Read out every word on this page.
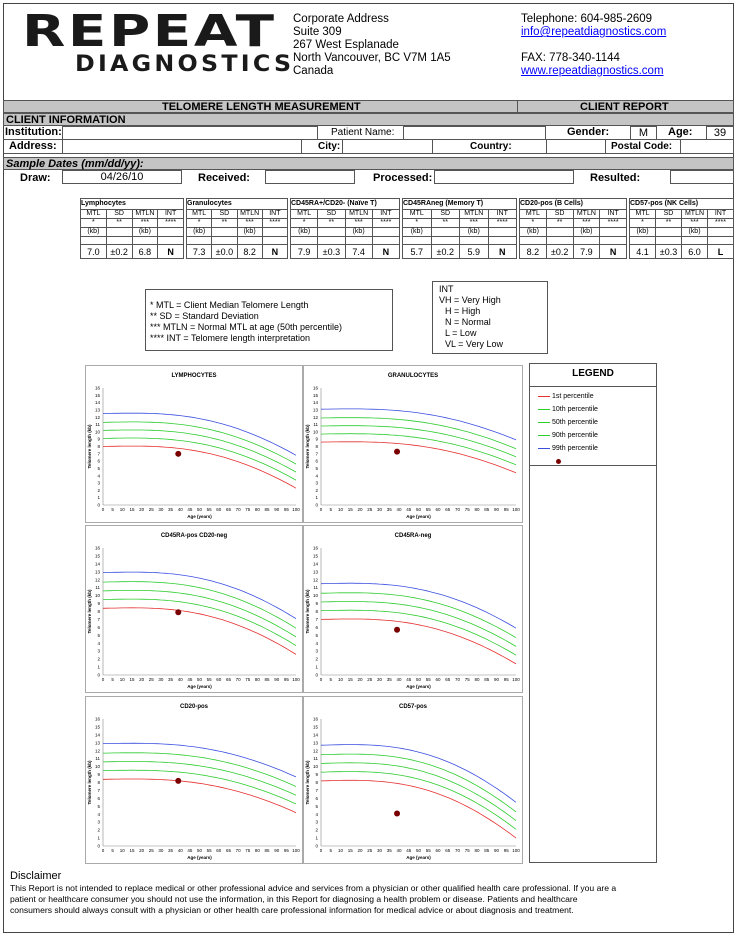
REPEAT
DIAGNOSTICS
Corporate Address
Suite 309
267 West Esplanade
North Vancouver, BC V7M 1A5
Canada
Telephone: 604-985-2609
info@repeatdiagnostics.com
FAX: 778-340-1144
www.repeatdiagnostics.com
TELOMERE LENGTH MEASUREMENT	CLIENT REPORT
CLIENT INFORMATION
Institution:	Patient Name:	Gender:	M	Age:	39
Address:	City:	Country:	Postal Code:
Sample Dates (mm/dd/yy):
Draw:	04/26/10	Received:	Processed:	Resulted:
Lymphocytes			
MTL	SD	MTLN	INT
*	**	***	****
(kb)		(kb)	

7.0	±0.2	6.8	N
Granulocytes			
MTL	SD	MTLN	INT
*	**	***	****
(kb)		(kb)	

7.3	±0.0	8.2	N
CD45RA+/CD20- (Naïve T)			
MTL	SD	MTLN	INT
*	**	***	****
(kb)		(kb)	

7.9	±0.3	7.4	N
CD45RAneg (Memory T)			
MTL	SD	MTLN	INT
*	**	***	****
(kb)		(kb)	

5.7	±0.2	5.9	N
CD20-pos (B Cells)			
MTL	SD	MTLN	INT
*	**	***	****
(kb)		(kb)	

8.2	±0.2	7.9	N
CD57-pos (NK Cells)			
MTL	SD	MTLN	INT
*	**	***	****
(kb)		(kb)	

4.1	±0.3	6.0	L
* MTL = Client Median Telomere Length
** SD = Standard Deviation
*** MTLN = Normal MTL at age (50th percentile)
**** INT = Telomere length interpretation
INT
VH = Very High
H = High
N = Normal
L = Low
VL = Very Low
LYMPHOCYTES
0
1
2
3
4
5
6
7
8
9
10
11
12
13
14
15
16
0 5 10 15 20 25 30 35 40 45 50 55 60 65 70 75 80 85 90 95 100
Age (years)
Telomere length (kb)
GRANULOCYTES
0
1
2
3
4
5
6
7
8
9
10
11
12
13
14
15
16
0 5 10 15 20 25 30 35 40 45 50 55 60 65 70 75 80 85 90 95 100
Age (years)
Telomere length (kb)
CD45RA-pos CD20-neg
0
1
2
3
4
5
6
7
8
9
10
11
12
13
14
15
16
0 5 10 15 20 25 30 35 40 45 50 55 60 65 70 75 80 85 90 95 100
Age (years)
Telomere length (kb)
CD45RA-neg
0
1
2
3
4
5
6
7
8
9
10
11
12
13
14
15
16
0 5 10 15 20 25 30 35 40 45 50 55 60 65 70 75 80 85 90 95 100
Age (years)
Telomere length (kb)
CD20-pos
0
1
2
3
4
5
6
7
8
9
10
11
12
13
14
15
16
0 5 10 15 20 25 30 35 40 45 50 55 60 65 70 75 80 85 90 95 100
Age (years)
Telomere length (kb)
CD57-pos
0
1
2
3
4
5
6
7
8
9
10
11
12
13
14
15
16
0 5 10 15 20 25 30 35 40 45 50 55 60 65 70 75 80 85 90 95 100
Age (years)
Telomere length (kb)
LEGEND
1st percentile
10th percentile
50th percentile
90th percentile
99th percentile
Disclaimer
This Report is not intended to replace medical or other professional advice and services from a physician or other qualified health care professional. If you are a patient or healthcare consumer you should not use the information, in this Report for diagnosing a health problem or disease. Patients and healthcare consumers should always consult with a physician or other health care professional information for medical advice or about diagnosis and treatment.
